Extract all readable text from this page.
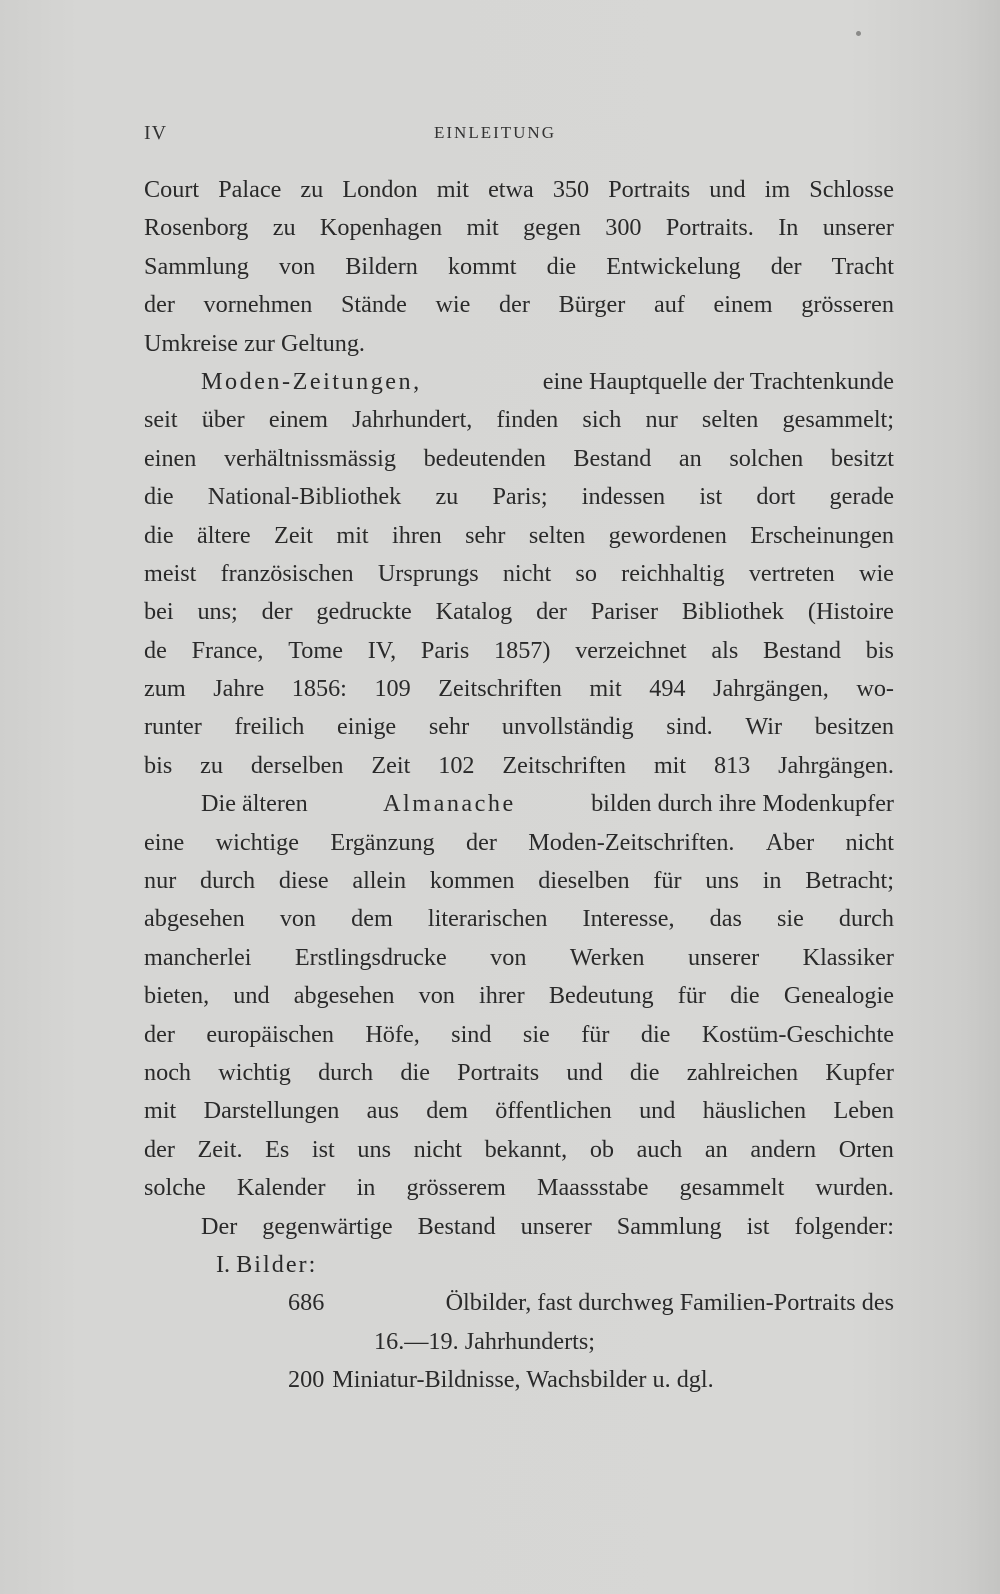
IV	EINLEITUNG
Court Palace zu London mit etwa 350 Portraits und im Schlosse
Rosenborg zu Kopenhagen mit gegen 300 Portraits. In unserer
Sammlung von Bildern kommt die Entwickelung der Tracht
der vornehmen Stände wie der Bürger auf einem grösseren
Umkreise zur Geltung.
Moden-Zeitungen,	eine Hauptquelle der Trachtenkunde
seit über einem Jahrhundert, finden sich nur selten gesammelt;
einen verhältnissmässig bedeutenden Bestand an solchen besitzt
die National-Bibliothek zu Paris; indessen ist dort gerade
die ältere Zeit mit ihren sehr selten gewordenen Erscheinungen
meist französischen Ursprungs nicht so reichhaltig vertreten wie
bei uns; der gedruckte Katalog der Pariser Bibliothek (Histoire
de France, Tome IV, Paris 1857) verzeichnet als Bestand bis
zum Jahre 1856: 109 Zeitschriften mit 494 Jahrgängen, wo-
runter freilich einige sehr unvollständig sind. Wir besitzen
bis zu derselben Zeit 102 Zeitschriften mit 813 Jahrgängen.
Die älteren	Almanache	bilden durch ihre Modenkupfer
eine wichtige Ergänzung der Moden-Zeitschriften. Aber nicht
nur durch diese allein kommen dieselben für uns in Betracht;
abgesehen von dem literarischen Interesse, das sie durch
mancherlei Erstlingsdrucke von Werken unserer Klassiker
bieten, und abgesehen von ihrer Bedeutung für die Genealogie
der europäischen Höfe, sind sie für die Kostüm-Geschichte
noch wichtig durch die Portraits und die zahlreichen Kupfer
mit Darstellungen aus dem öffentlichen und häuslichen Leben
der Zeit. Es ist uns nicht bekannt, ob auch an andern Orten
solche Kalender in grösserem Maassstabe gesammelt wurden.
Der gegenwärtige Bestand unserer Sammlung ist folgender:
I. Bilder:
686	Ölbilder, fast durchweg Familien-Portraits des
16.—19. Jahrhunderts;
200 Miniatur-Bildnisse, Wachsbilder u. dgl.
